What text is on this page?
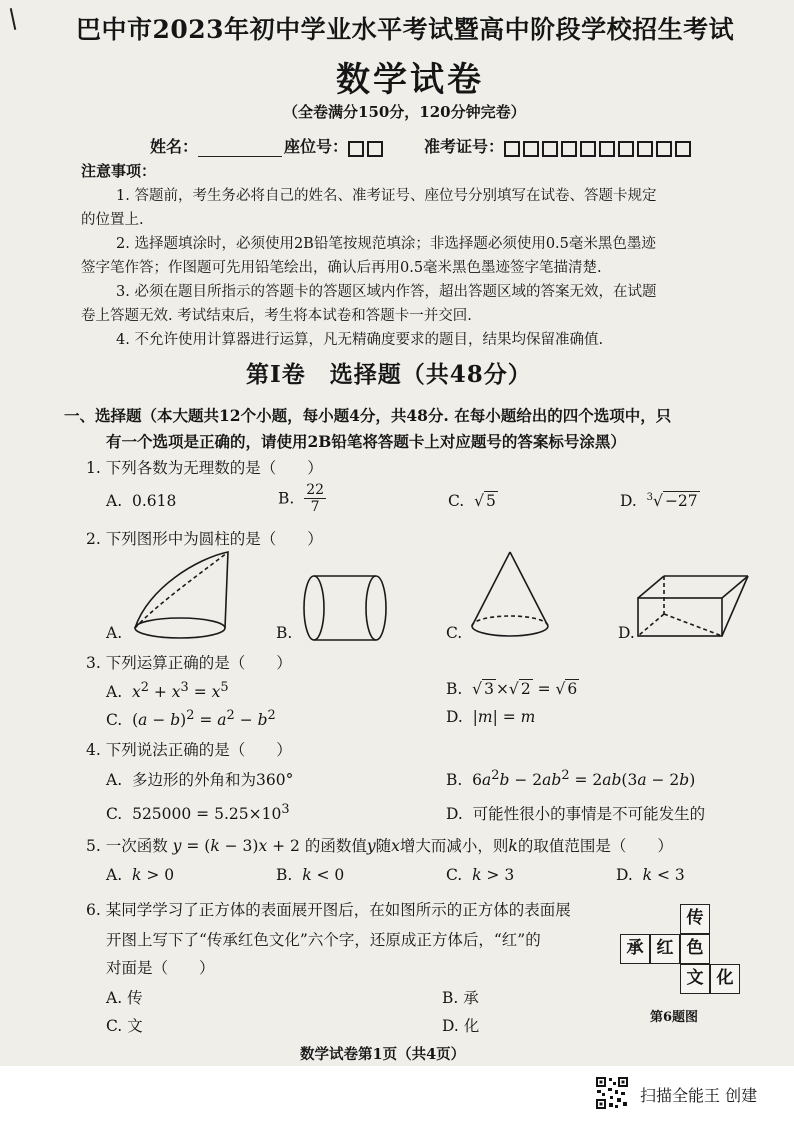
巴中市2023年初中学业水平考试暨高中阶段学校招生考试
数学试卷
（全卷满分150分，120分钟完卷）
姓名：	座位号：	准考证号：
注意事项：
1. 答题前，考生务必将自己的姓名、准考证号、座位号分别填写在试卷、答题卡规定
的位置上.
2. 选择题填涂时，必须使用2B铅笔按规范填涂；非选择题必须使用0.5毫米黑色墨迹
签字笔作答；作图题可先用铅笔绘出，确认后再用0.5毫米黑色墨迹签字笔描清楚.
3. 必须在题目所指示的答题卡的答题区域内作答，超出答题区域的答案无效，在试题
卷上答题无效. 考试结束后，考生将本试卷和答题卡一并交回.
4. 不允许使用计算器进行运算，凡无精确度要求的题目，结果均保留准确值.
第Ⅰ卷　选择题（共48分）
一、选择题（本大题共12个小题，每小题4分，共48分. 在每小题给出的四个选项中，只
有一个选项是正确的，请使用2B铅笔将答题卡上对应题号的答案标号涂黑）
1. 下列各数为无理数的是（　　）
A. 0.618	B. $\frac{22}{7}$	C.  √ 5	D. $^3$√ −27
2. 下列图形中为圆柱的是（　　）
A.	B.	C.	D.
3. 下列运算正确的是（　　）
A. $x^2 + x^3 = x^5$	B.  √ 3 ×√ 2 = √ 6
C.  $(a - b)^2 = a^2 - b^2$	D.  |m| = m
4. 下列说法正确的是（　　）
A. 多边形的外角和为360°	B.  $6a^2b - 2ab^2 = 2ab(3a - 2b)$
C.  $525000 = 5.25\times 10^3$	D. 可能性很小的事情是不可能发生的
5. 一次函数 y = (k − 3)x + 2 的函数值y随x增大而减小，则k的取值范围是（　　）
A. k > 0	B. k < 0	C. k > 3	D. k < 3
6. 某同学学习了正方体的表面展开图后，在如图所示的正方体的表面展
开图上写下了“传承红色文化”六个字，还原成正方体后，“红”的
对面是（　　）
A. 传	B. 承
C. 文	D. 化
传
承 红 色
文 化
第6题图
数学试卷第1页（共4页）
扫描全能王 创建
